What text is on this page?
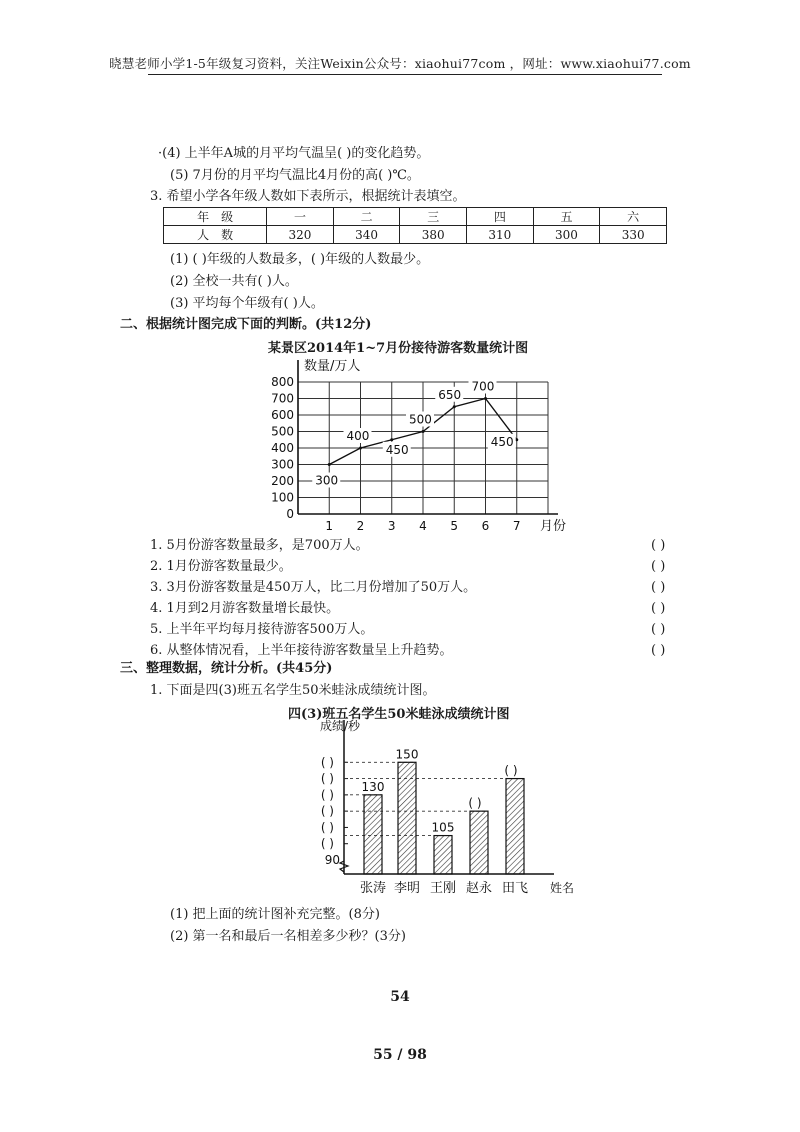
晓慧老师小学1-5年级复习资料，关注Weixin公众号：xiaohui77com ，网址：www.xiaohui77.com
·(4) 上半年A城的月平均气温呈( )的变化趋势。
(5) 7月份的月平均气温比4月份的高( )℃。
3. 希望小学各年级人数如下表所示，根据统计表填空。
年　级	一	二	三	四	五	六
人　数	320	340	380	310	300	330
(1) ( )年级的人数最多，( )年级的人数最少。
(2) 全校一共有( )人。
(3) 平均每个年级有( )人。
二、根据统计图完成下面的判断。(共12分)
某景区2014年1~7月份接待游客数量统计图
0
100
200
300
400
500
600
700
800
数量/万人
月份
1 2 3 4 5 6 7
300
400
450
500
650
700
450
1. 5月份游客数量最多，是700万人。	( )
2. 1月份游客数量最少。	( )
3. 3月份游客数量是450万人，比二月份增加了50万人。	( )
4. 1月到2月游客数量增长最快。	( )
5. 上半年平均每月接待游客500万人。	( )
6. 从整体情况看，上半年接待游客数量呈上升趋势。	( )
三、整理数据，统计分析。(共45分)
1. 下面是四(3)班五名学生50米蛙泳成绩统计图。
四(3)班五名学生50米蛙泳成绩统计图
成绩/秒
姓名
90
( )
( )
( )
( )
( )
( )
130
张涛
150
李明
105
王刚
( )
赵永
( )
田飞
(1) 把上面的统计图补充完整。(8分)
(2) 第一名和最后一名相差多少秒？(3分)
54
55 / 98
